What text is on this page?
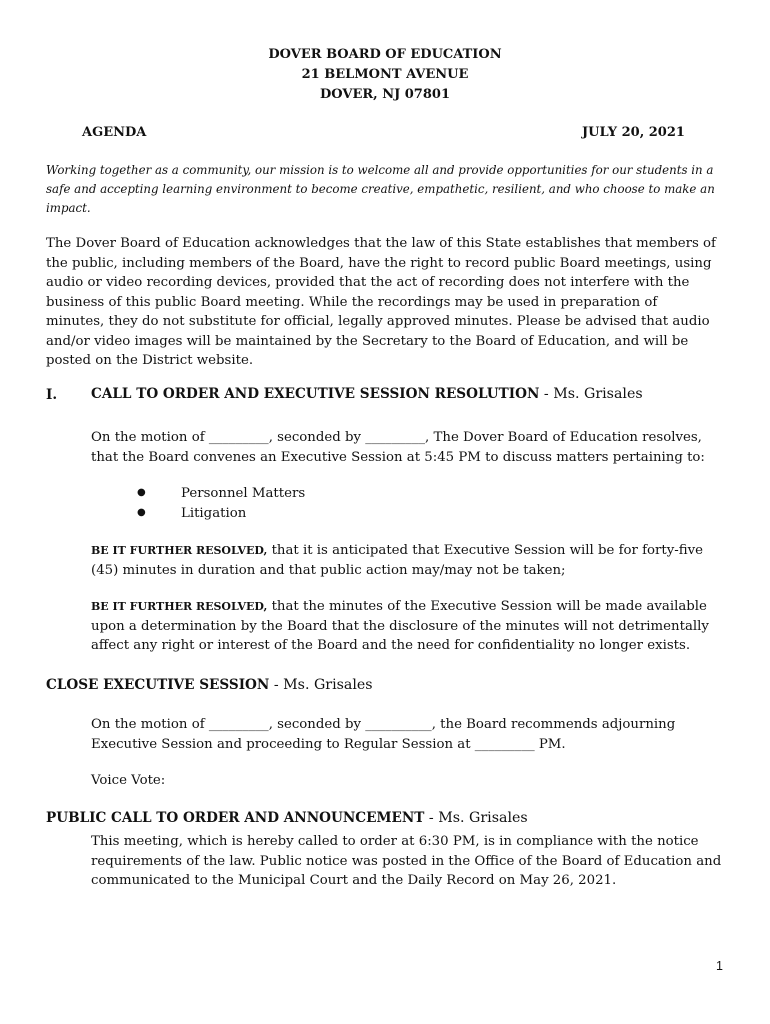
DOVER BOARD OF EDUCATION
21 BELMONT AVENUE
DOVER, NJ 07801
AGENDA	JULY 20, 2021
Working together as a community, our mission is to welcome all and provide opportunities for our students in a
safe and accepting learning environment to become creative, empathetic, resilient, and who choose to make an
impact.
The Dover Board of Education acknowledges that the law of this State establishes that members of
the public, including members of the Board, have the right to record public Board meetings, using
audio or video recording devices, provided that the act of recording does not interfere with the
business of this public Board meeting. While the recordings may be used in preparation of
minutes, they do not substitute for official, legally approved minutes. Please be advised that audio
and/or video images will be maintained by the Secretary to the Board of Education, and will be
posted on the District website.
I. CALL TO ORDER AND EXECUTIVE SESSION RESOLUTION - Ms. Grisales
On the motion of _________, seconded by _________, The Dover Board of Education resolves,
that the Board convenes an Executive Session at 5:45 PM to discuss matters pertaining to:
●	Personnel Matters
●	Litigation
BE IT FURTHER RESOLVED, that it is anticipated that Executive Session will be for forty-five
(45) minutes in duration and that public action may/may not be taken;
BE IT FURTHER RESOLVED, that the minutes of the Executive Session will be made available
upon a determination by the Board that the disclosure of the minutes will not detrimentally
affect any right or interest of the Board and the need for confidentiality no longer exists.
CLOSE EXECUTIVE SESSION - Ms. Grisales
On the motion of _________, seconded by __________, the Board recommends adjourning
Executive Session and proceeding to Regular Session at _________ PM.
Voice Vote:
PUBLIC CALL TO ORDER AND ANNOUNCEMENT - Ms. Grisales
This meeting, which is hereby called to order at 6:30 PM, is in compliance with the notice
requirements of the law. Public notice was posted in the Office of the Board of Education and
communicated to the Municipal Court and the Daily Record on May 26, 2021.
1
